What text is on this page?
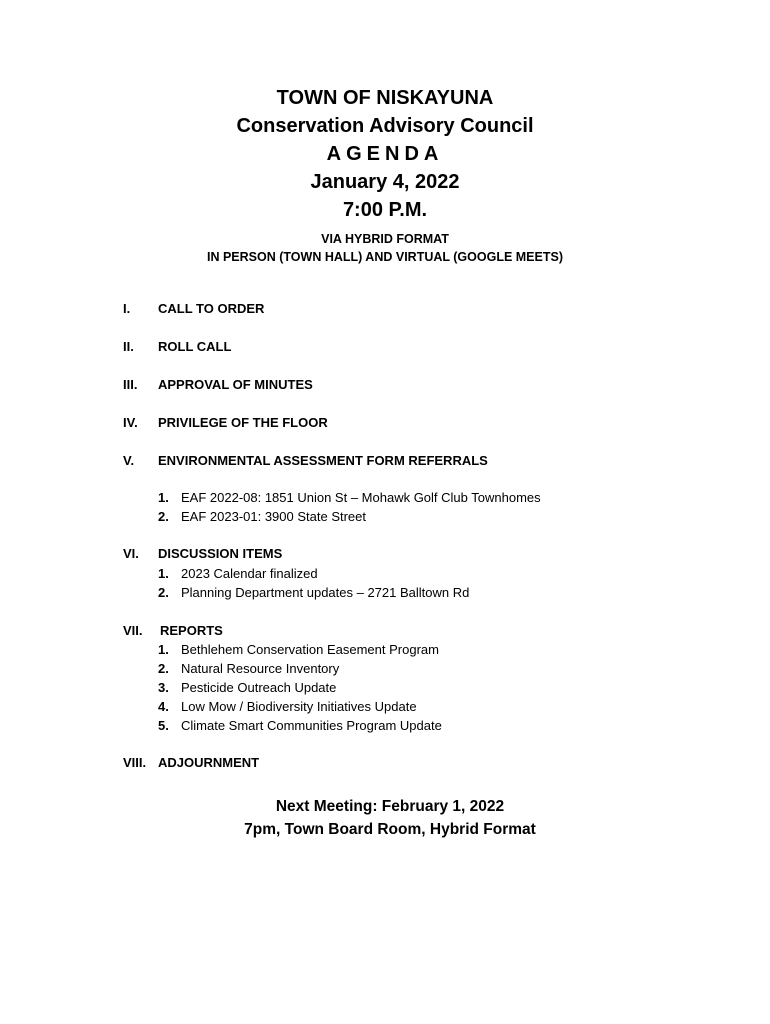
TOWN OF NISKAYUNA
Conservation Advisory Council
AGENDA
January 4, 2022
7:00 P.M.
VIA HYBRID FORMAT
IN PERSON (TOWN HALL) AND VIRTUAL (GOOGLE MEETS)
I. CALL TO ORDER
II. ROLL CALL
III. APPROVAL OF MINUTES
IV. PRIVILEGE OF THE FLOOR
V. ENVIRONMENTAL ASSESSMENT FORM REFERRALS
1. EAF 2022-08: 1851 Union St – Mohawk Golf Club Townhomes
2. EAF 2023-01: 3900 State Street
VI. DISCUSSION ITEMS
1. 2023 Calendar finalized
2. Planning Department updates – 2721 Balltown Rd
VII. REPORTS
1. Bethlehem Conservation Easement Program
2. Natural Resource Inventory
3. Pesticide Outreach Update
4. Low Mow / Biodiversity Initiatives Update
5. Climate Smart Communities Program Update
VIII. ADJOURNMENT
Next Meeting: February 1, 2022
7pm, Town Board Room, Hybrid Format
